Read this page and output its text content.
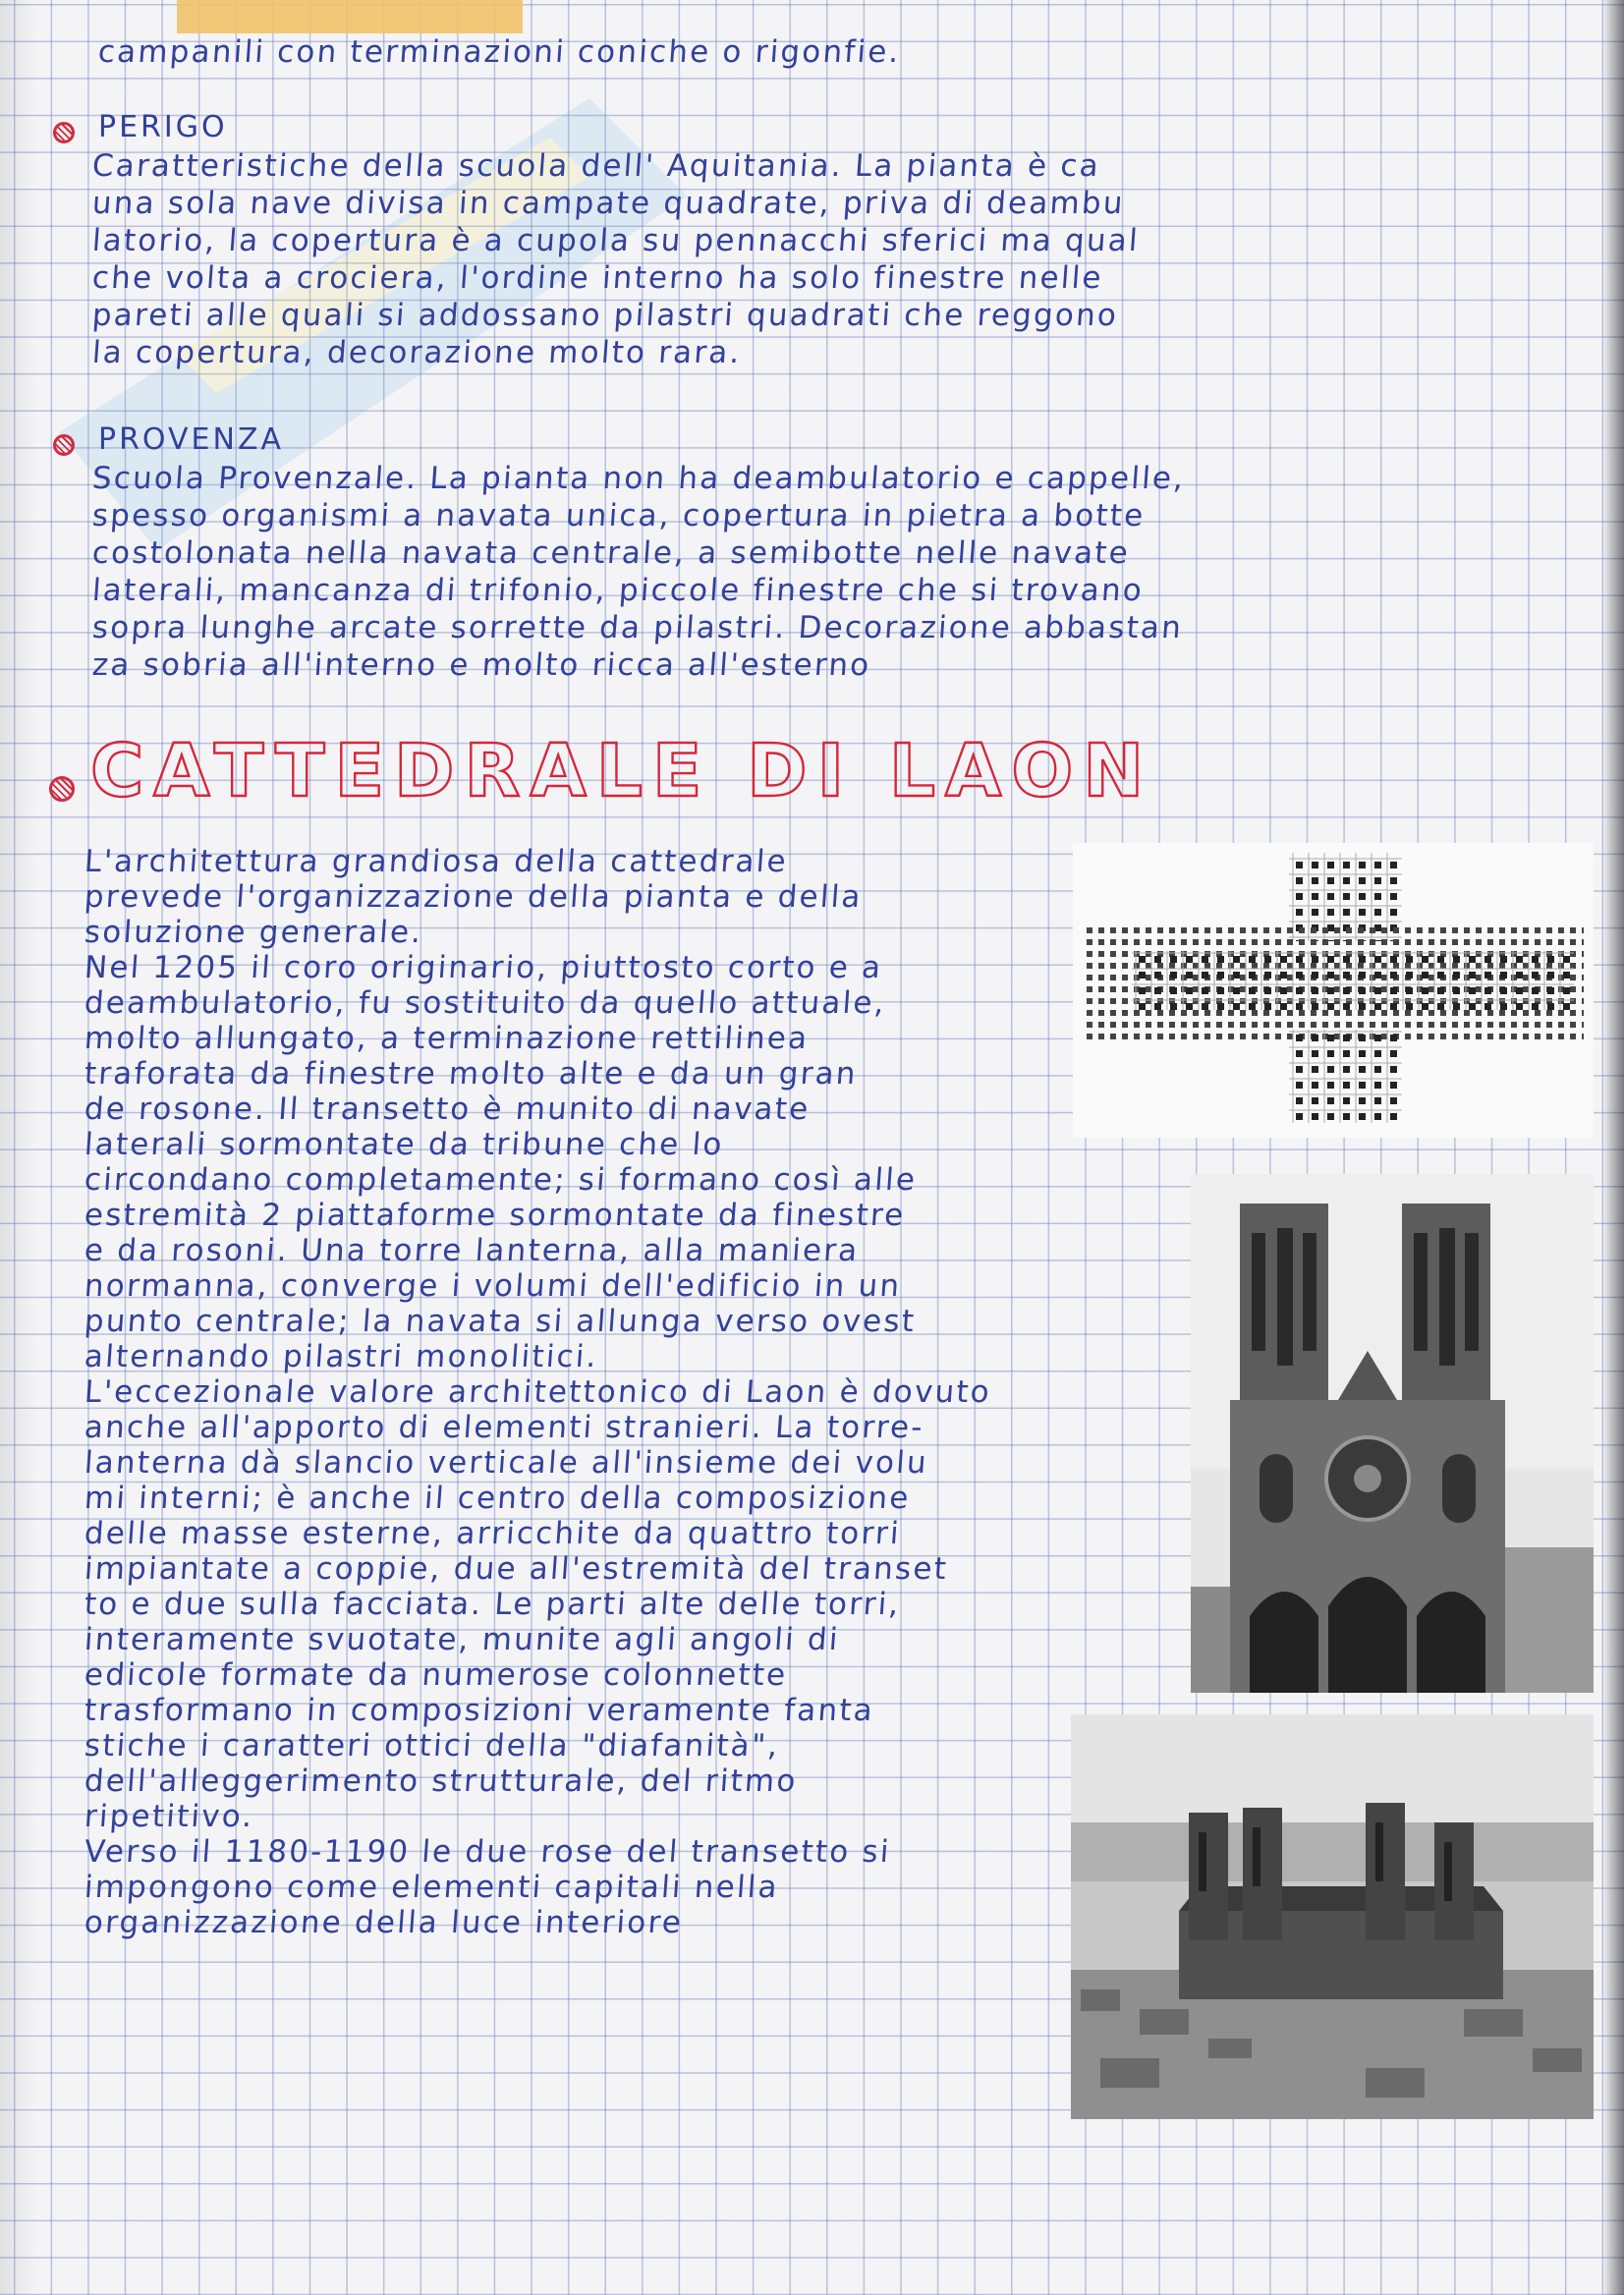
campanili con terminazioni coniche o rigonfie.
PERIGO
Caratteristiche della scuola dell' Aquitania. La pianta è ca
una sola nave divisa in campate quadrate, priva di deambu
latorio, la copertura è a cupola su pennacchi sferici ma qual
che volta a crociera, l'ordine interno ha solo finestre nelle
pareti alle quali si addossano pilastri quadrati che reggono
la copertura, decorazione molto rara.
PROVENZA
Scuola Provenzale. La pianta non ha deambulatorio e cappelle,
spesso organismi a navata unica, copertura in pietra a botte
costolonata nella navata centrale, a semibotte nelle navate
laterali, mancanza di trifonio, piccole finestre che si trovano
sopra lunghe arcate sorrette da pilastri. Decorazione abbastan
za sobria all'interno e molto ricca all'esterno
CATTEDRALE DI LAON
L'architettura grandiosa della cattedrale
prevede l'organizzazione della pianta e della
soluzione generale.
Nel 1205 il coro originario, piuttosto corto e a
deambulatorio, fu sostituito da quello attuale,
molto allungato, a terminazione rettilinea
traforata da finestre molto alte e da un gran
de rosone. Il transetto è munito di navate
laterali sormontate da tribune che lo
circondano completamente; si formano così alle
estremità 2 piattaforme sormontate da finestre
e da rosoni. Una torre lanterna, alla maniera
normanna, converge i volumi dell'edificio in un
punto centrale; la navata si allunga verso ovest
alternando pilastri monolitici.
L'eccezionale valore architettonico di Laon è dovuto
anche all'apporto di elementi stranieri. La torre-
lanterna dà slancio verticale all'insieme dei volu
mi interni; è anche il centro della composizione
delle masse esterne, arricchite da quattro torri
impiantate a coppie, due all'estremità del transet
to e due sulla facciata. Le parti alte delle torri,
interamente svuotate, munite agli angoli di
edicole formate da numerose colonnette
trasformano in composizioni veramente fanta
stiche i caratteri ottici della "diafanità",
dell'alleggerimento strutturale, del ritmo
ripetitivo.
Verso il 1180-1190 le due rose del transetto si
impongono come elementi capitali nella
organizzazione della luce interiore
